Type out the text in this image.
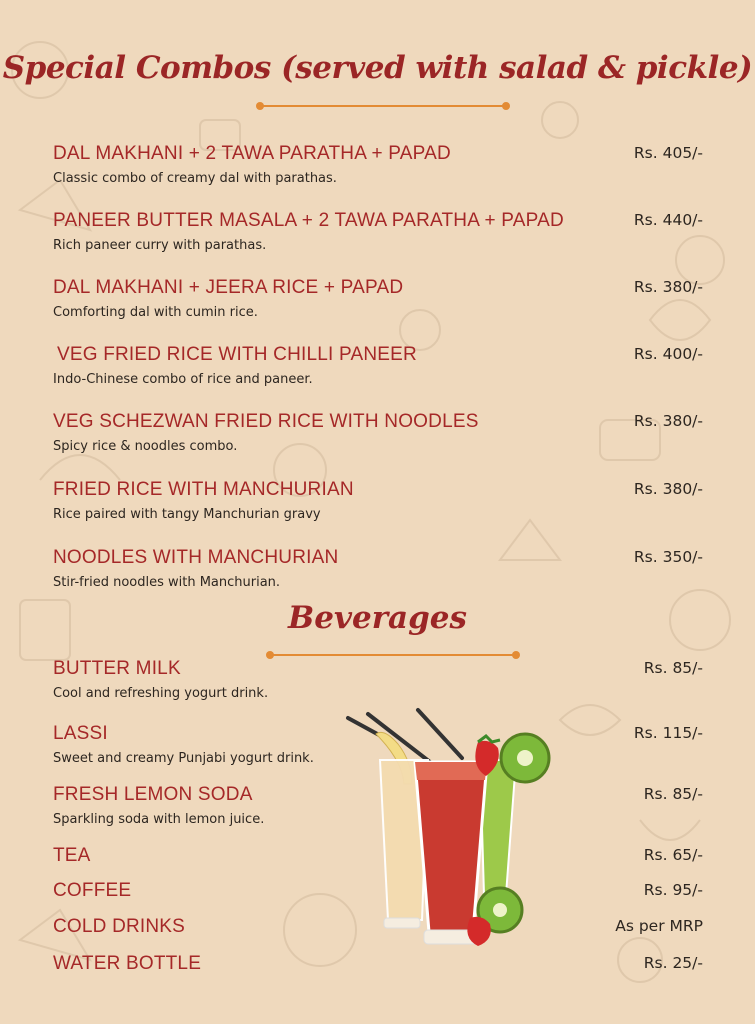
Special Combos (served with salad & pickle)
DAL MAKHANI + 2 TAWA PARATHA + PAPAD
Classic combo of creamy dal with parathas.
Rs. 405/-
PANEER BUTTER MASALA + 2 TAWA PARATHA + PAPAD
Rich paneer curry with parathas.
Rs. 440/-
DAL MAKHANI + JEERA RICE + PAPAD
Comforting dal with cumin rice.
Rs. 380/-
VEG FRIED RICE WITH CHILLI PANEER
Indo-Chinese combo of rice and paneer.
Rs. 400/-
VEG SCHEZWAN FRIED RICE WITH NOODLES
Spicy rice & noodles combo.
Rs. 380/-
FRIED RICE WITH MANCHURIAN
Rice paired with tangy Manchurian gravy
Rs. 380/-
NOODLES WITH MANCHURIAN
Stir-fried noodles with Manchurian.
Rs. 350/-
Beverages
BUTTER MILK
Cool and refreshing yogurt drink.
Rs. 85/-
LASSI
Sweet and creamy Punjabi yogurt drink.
Rs. 115/-
FRESH LEMON SODA
Sparkling soda with lemon juice.
Rs. 85/-
TEA	Rs. 65/-
COFFEE	Rs. 95/-
COLD DRINKS	As per MRP
WATER BOTTLE	Rs. 25/-
